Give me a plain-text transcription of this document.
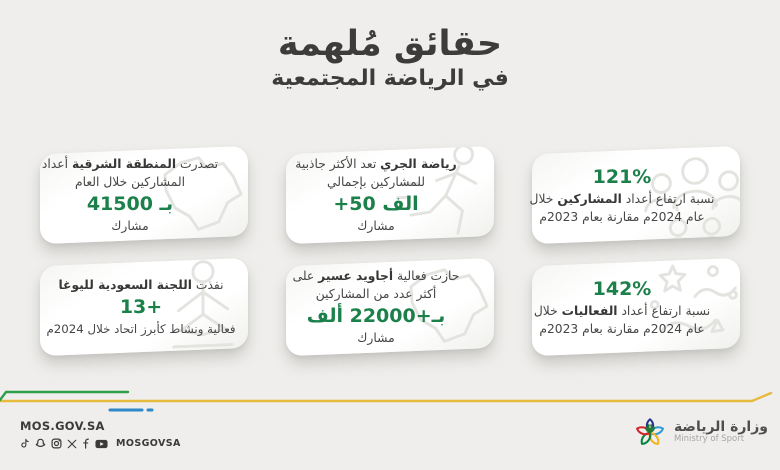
حقائق مُلهمة
في الرياضة المجتمعية
121%
نسبة ارتفاع أعداد المشاركين خلال
عام 2024م مقارنة بعام 2023م
رياضة الجري تعد الأكثر جاذبية
للمشاركين بإجمالي
+50 الف
مشارك
تصدرت المنطقة الشرقية أعداد
المشاركين خلال العام
بـ 41500
مشارك
142%
نسبة ارتفاع أعداد الفعاليات خلال
عام 2024م مقارنة بعام 2023م
حازت فعالية أجاويد عسير على
أكثر عدد من المشاركين
بـ+22000 ألف
مشارك
نفذت اللجنة السعودية لليوغا
13+
فعالية ونشاط كأبرز اتحاد خلال 2024م
MOS.GOV.SA
MOSGOVSA
وزارة الرياضة
Ministry of Sport
